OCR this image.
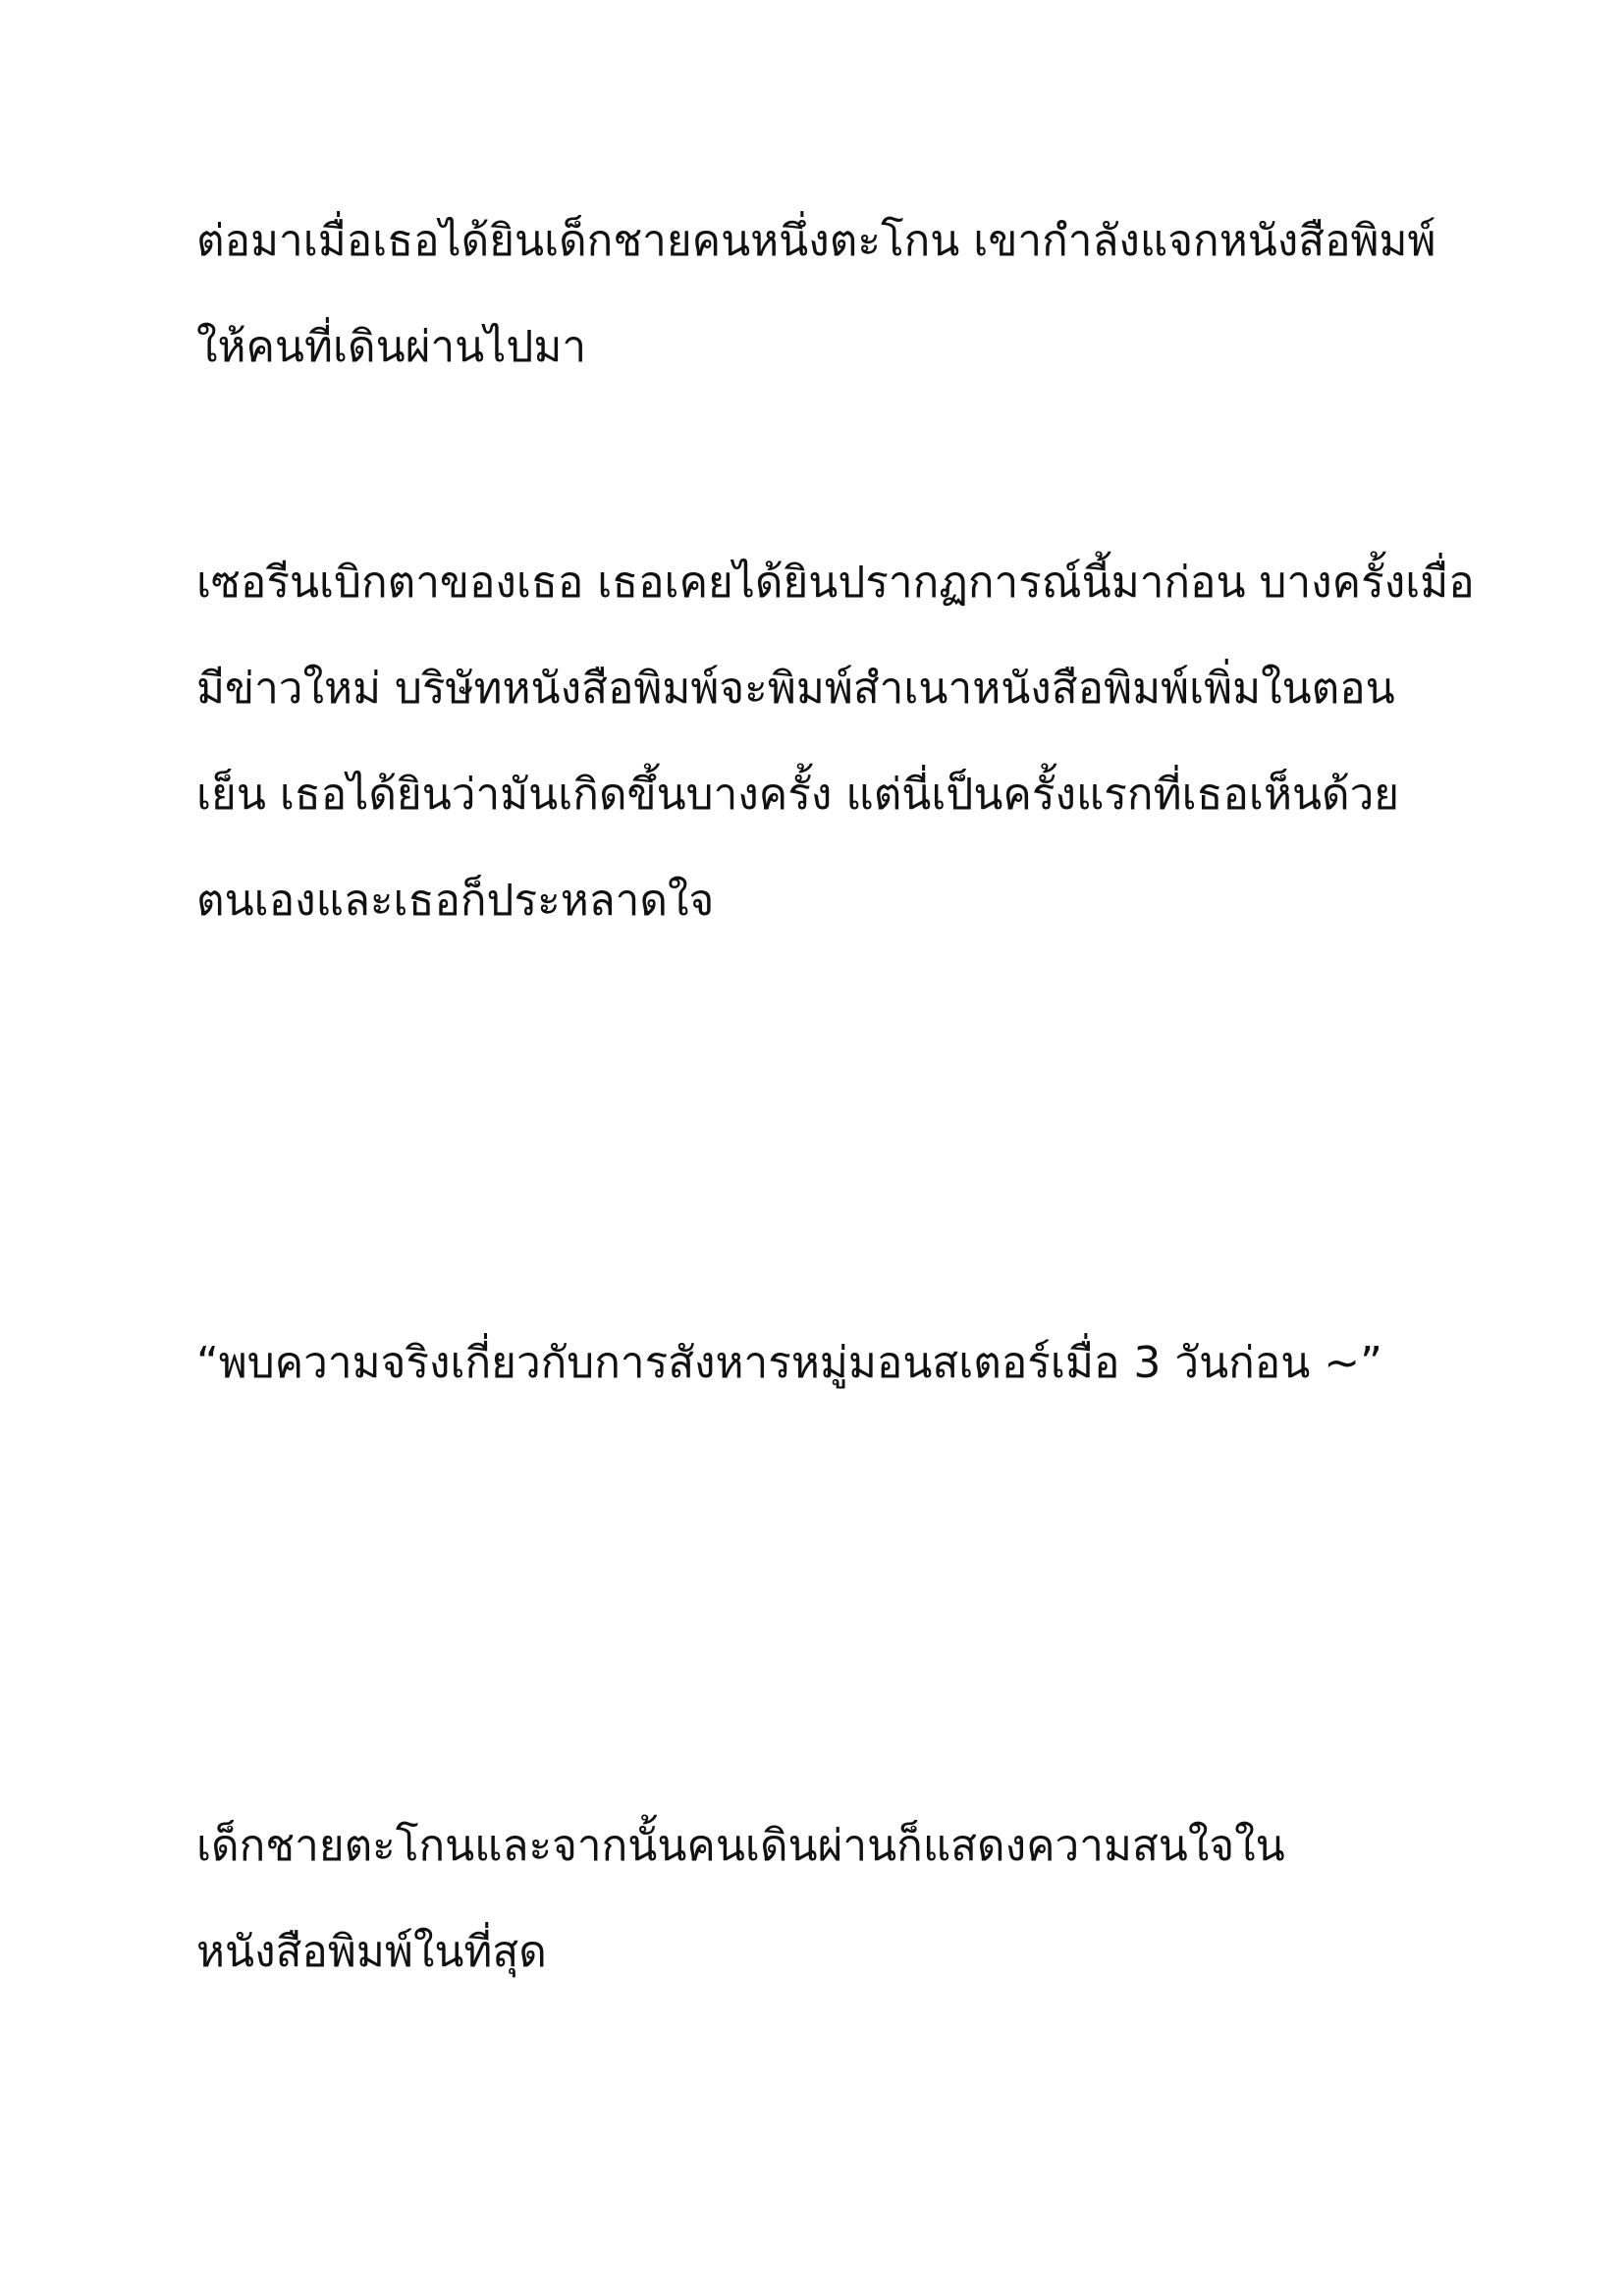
ต่อมาเมื่อเธอได้ยินเด็กชายคนหนึ่งตะโกน เขากำลังแจกหนังสือพิมพ์
ให้คนที่เดินผ่านไปมา

เซอรีนเบิกตาของเธอ เธอเคยได้ยินปรากฏการณ์นี้มาก่อน บางครั้งเมื่อ
มีข่าวใหม่ บริษัทหนังสือพิมพ์จะพิมพ์สำเนาหนังสือพิมพ์เพิ่มในตอน
เย็น เธอได้ยินว่ามันเกิดขึ้นบางครั้ง แต่นี่เป็นครั้งแรกที่เธอเห็นด้วย
ตนเองและเธอก็ประหลาดใจ

“พบความจริงเกี่ยวกับการสังหารหมู่มอนสเตอร์เมื่อ 3 วันก่อน ~”

เด็กชายตะโกนและจากนั้นคนเดินผ่านก็แสดงความสนใจใน
หนังสือพิมพ์ในที่สุด
